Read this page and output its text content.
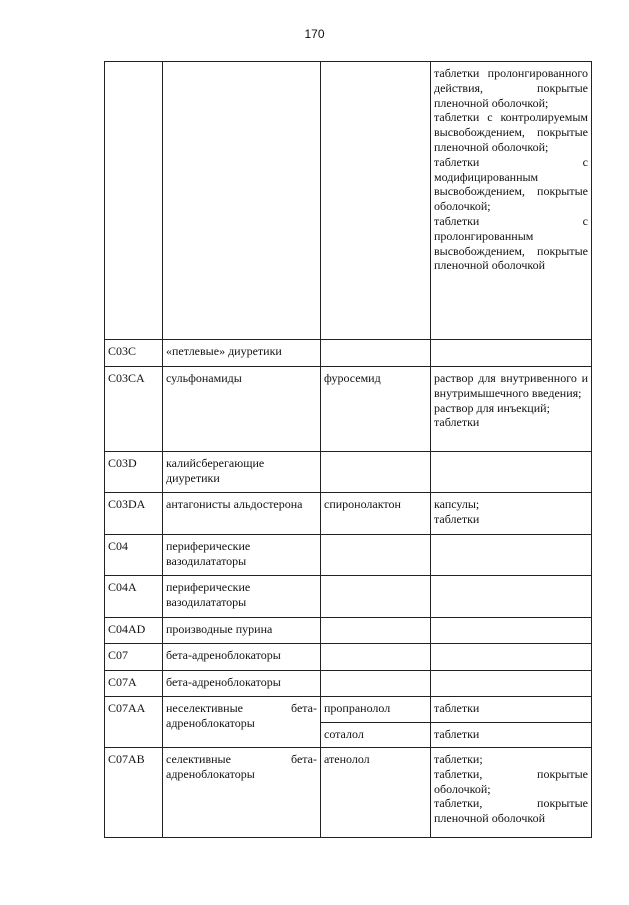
170

			таблетки пролонгированного действия, покрытые пленочной оболочкой;
таблетки с контролируемым высвобождением, покрытые пленочной оболочкой;
таблетки с модифицированным высвобождением, покрытые оболочкой;
таблетки с пролонгированным высвобождением, покрытые пленочной оболочкой

C03C	«петлевые» диуретики		
C03CA	сульфонамиды	фуросемид	раствор для внутривенного и внутримышечного введения;
раствор для инъекций;
таблетки

C03D	калийсберегающие диуретики		
C03DA	антагонисты альдостерона	спиронолактон	капсулы;
таблетки

C04	периферические вазодилататоры		
C04A	периферические вазодилататоры		
C04AD	производные пурина		
C07	бета-адреноблокаторы		
C07A	бета-адреноблокаторы		
C07AA	неселективные бета-адреноблокаторы	пропранолол	таблетки
		соталол	таблетки
C07AB	селективные бета-адреноблокаторы	атенолол	таблетки;
таблетки, покрытые оболочкой;
таблетки, покрытые пленочной оболочкой
